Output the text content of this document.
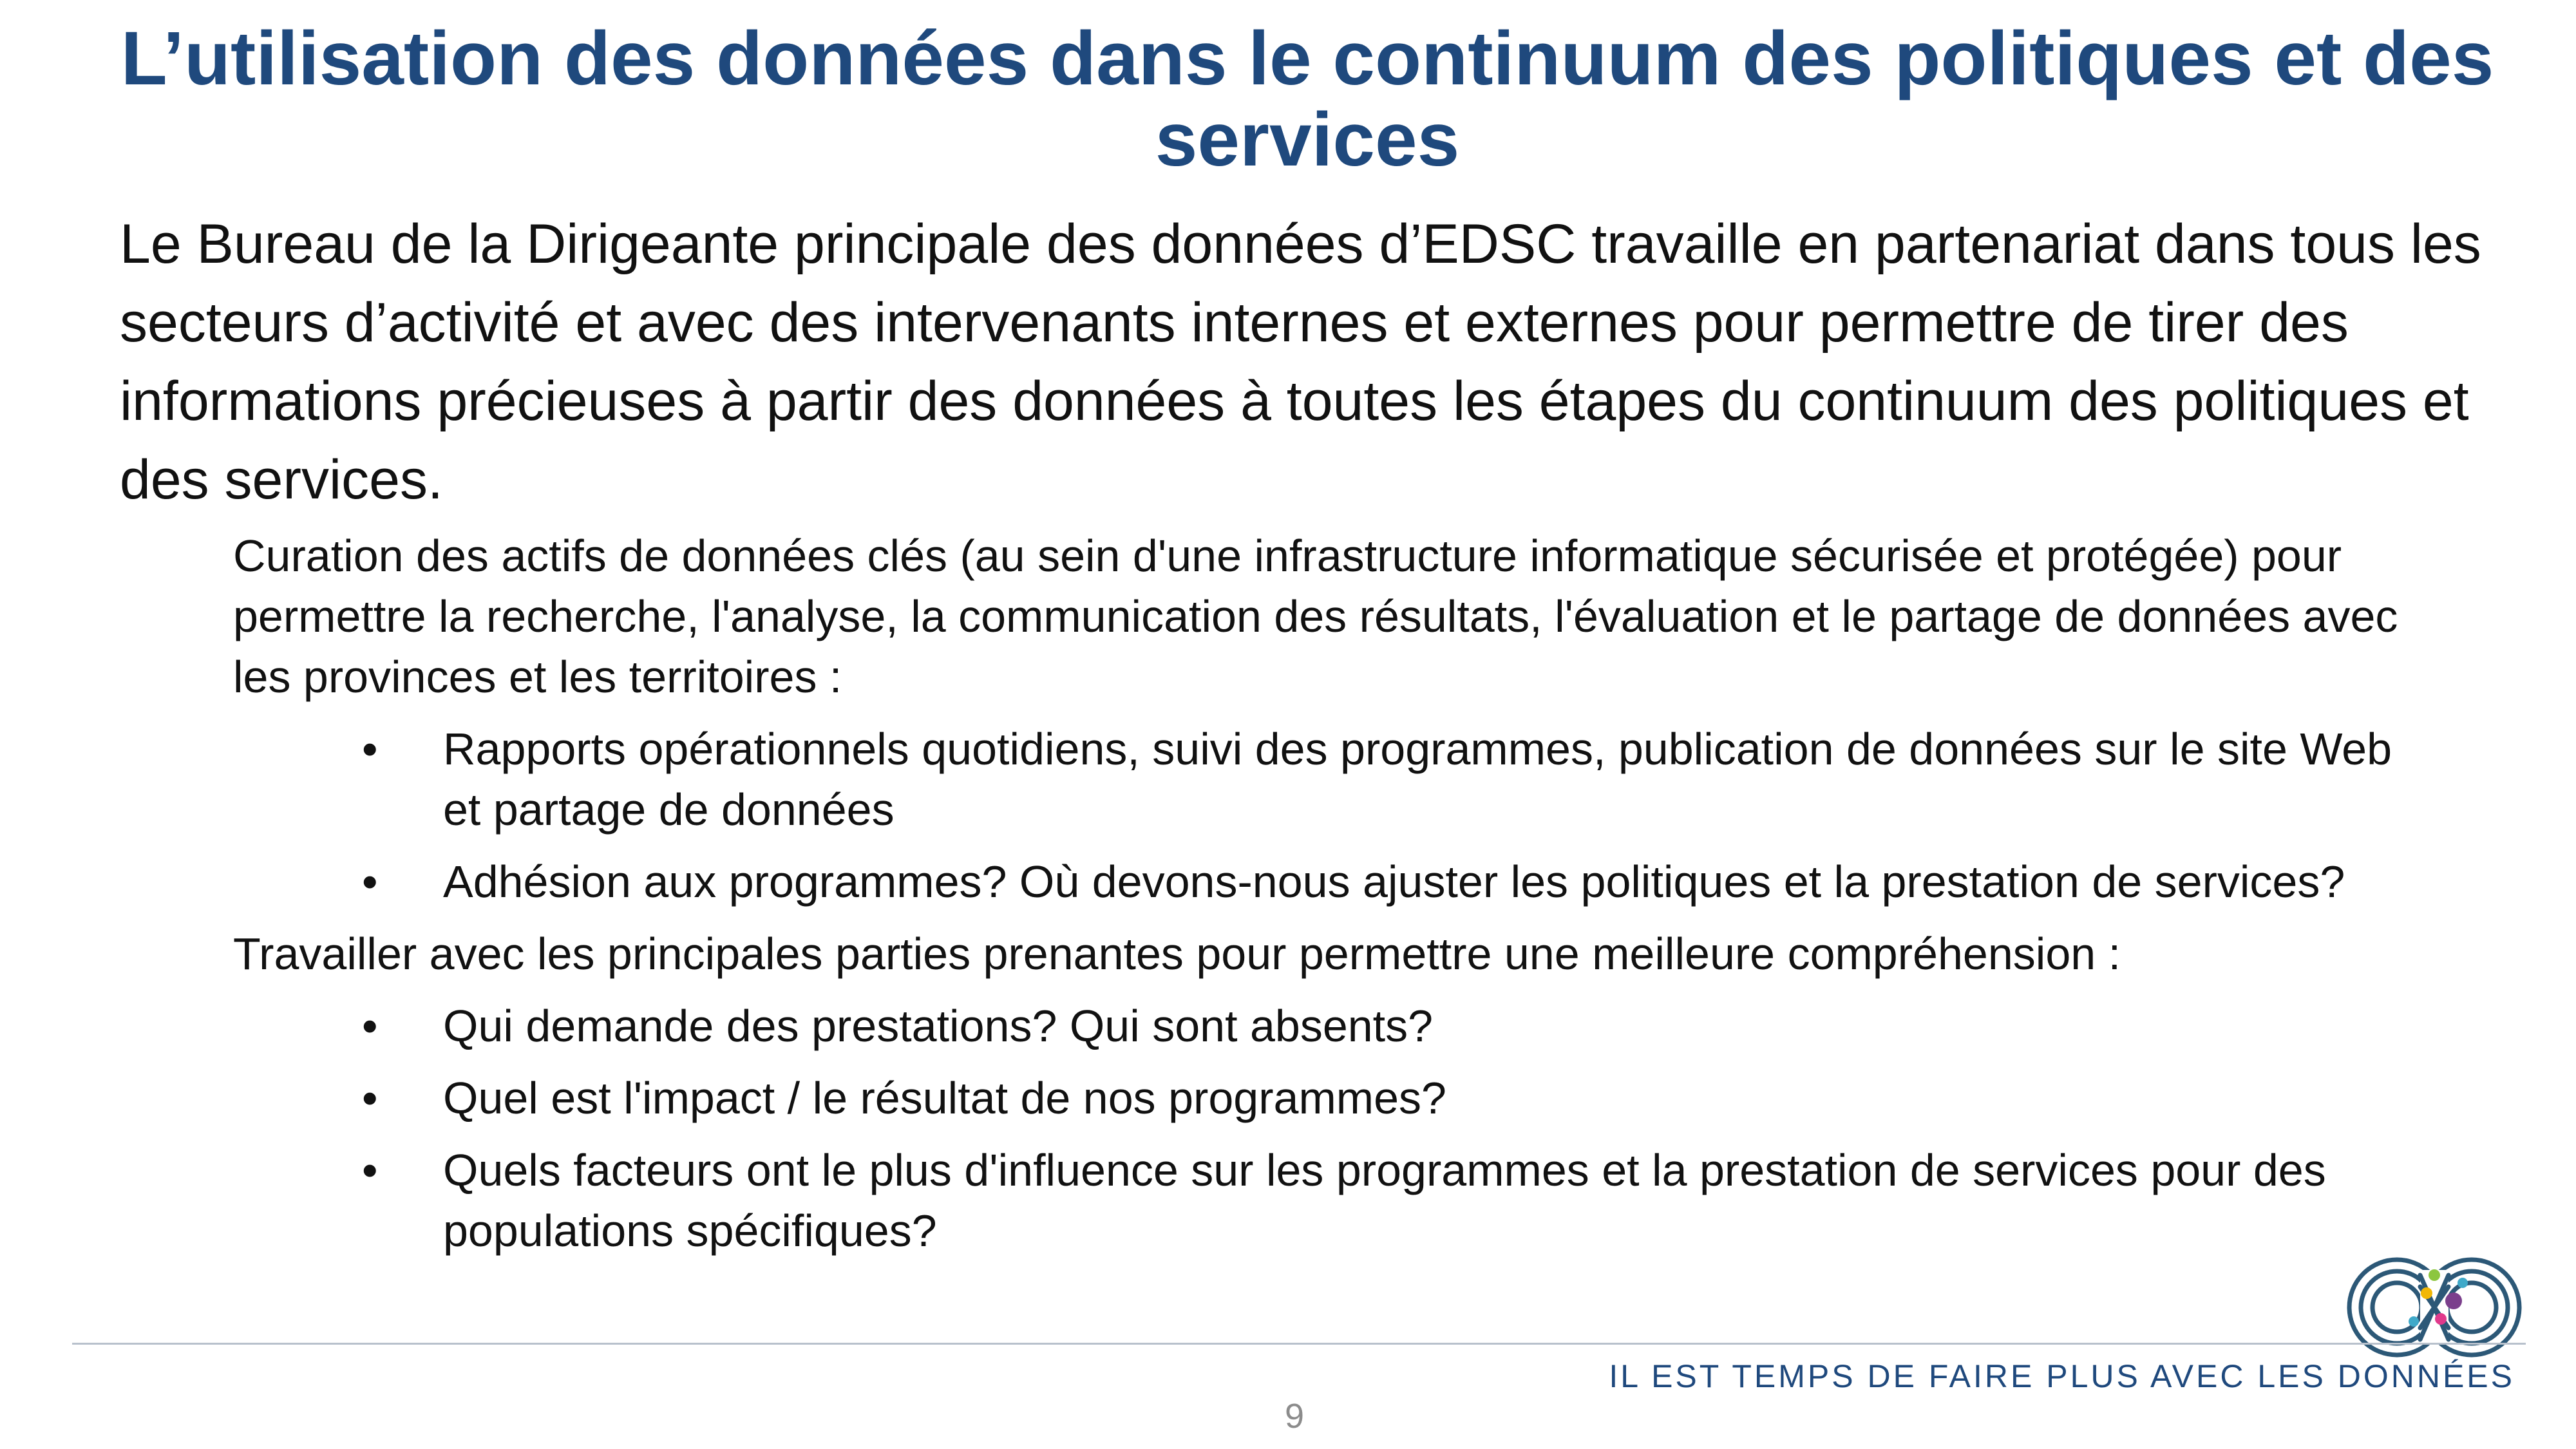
L’utilisation des données dans le continuum des politiques et des services

Le Bureau de la Dirigeante principale des données d’EDSC travaille en partenariat dans tous les secteurs d’activité et avec des intervenants internes et externes pour permettre de tirer des informations précieuses à partir des données à toutes les étapes du continuum des politiques et des services.

Curation des actifs de données clés (au sein d'une infrastructure informatique sécurisée et protégée) pour permettre la recherche, l'analyse, la communication des résultats, l'évaluation et le partage de données avec les provinces et les territoires :

• Rapports opérationnels quotidiens, suivi des programmes, publication de données sur le site Web et partage de données
• Adhésion aux programmes? Où devons-nous ajuster les politiques et la prestation de services?

Travailler avec les principales parties prenantes pour permettre une meilleure compréhension :

• Qui demande des prestations? Qui sont absents?
• Quel est l'impact / le résultat de nos programmes?
• Quels facteurs ont le plus d'influence sur les programmes et la prestation de services pour des populations spécifiques?
IL EST TEMPS DE FAIRE PLUS AVEC LES DONNÉES
9
